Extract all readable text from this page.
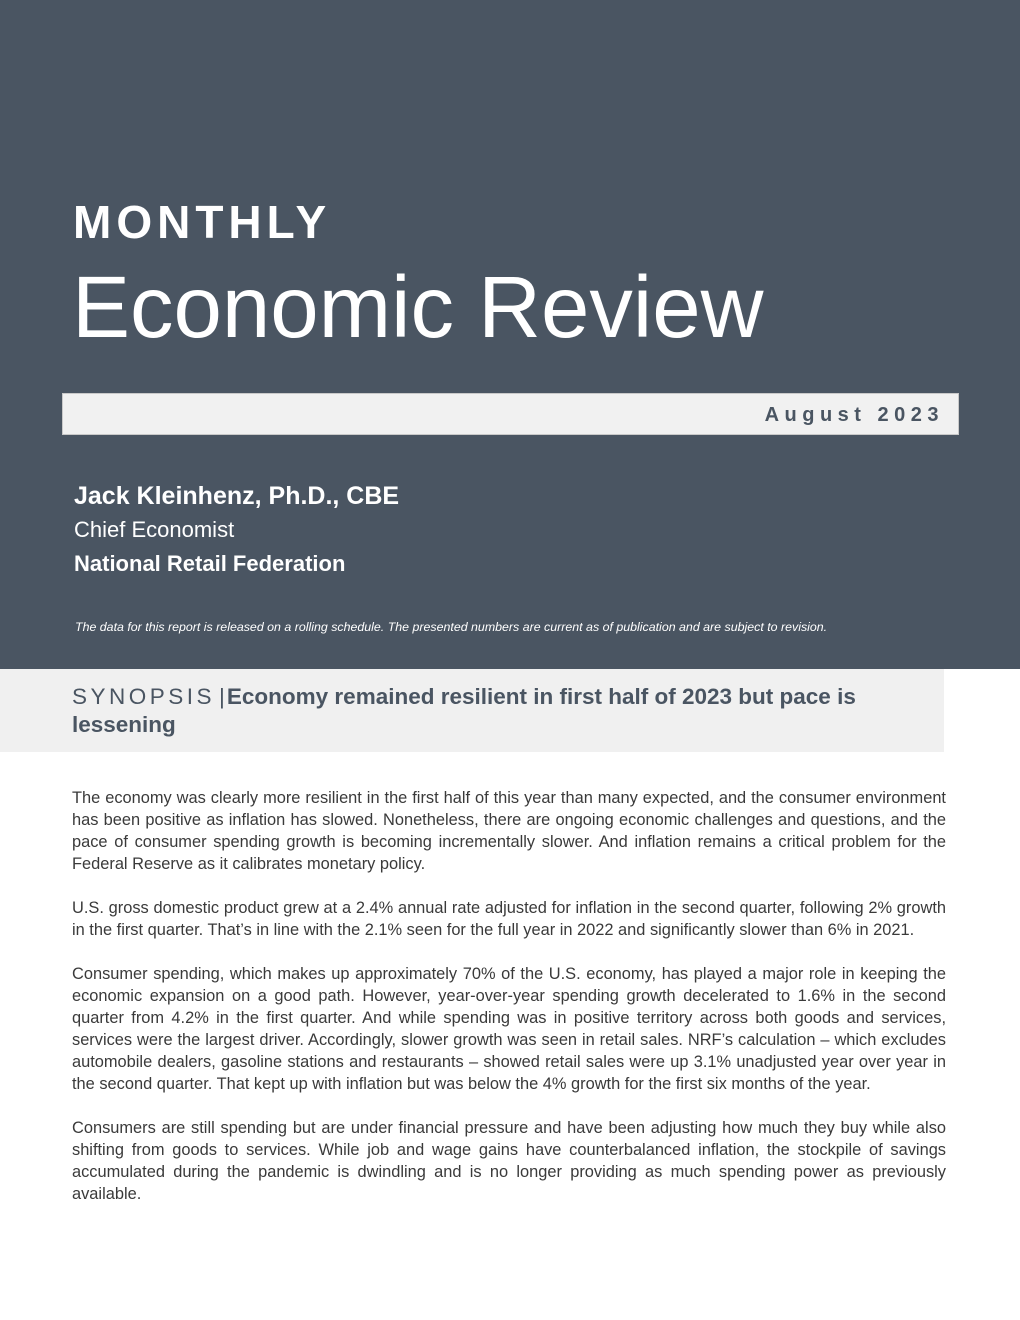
MONTHLY
Economic Review
August 2023
Jack Kleinhenz, Ph.D., CBE
Chief Economist
National Retail Federation
The data for this report is released on a rolling schedule. The presented numbers are current as of publication and are subject to revision.
SYNOPSIS |Economy remained resilient in first half of 2023 but pace is lessening

The economy was clearly more resilient in the first half of this year than many expected, and the consumer environment has been positive as inflation has slowed. Nonetheless, there are ongoing economic challenges and questions, and the pace of consumer spending growth is becoming incrementally slower. And inflation remains a critical problem for the Federal Reserve as it calibrates monetary policy.

U.S. gross domestic product grew at a 2.4% annual rate adjusted for inflation in the second quarter, following 2% growth in the first quarter. That’s in line with the 2.1% seen for the full year in 2022 and significantly slower than 6% in 2021.

Consumer spending, which makes up approximately 70% of the U.S. economy, has played a major role in keeping the economic expansion on a good path. However, year-over-year spending growth decelerated to 1.6% in the second quarter from 4.2% in the first quarter. And while spending was in positive territory across both goods and services, services were the largest driver. Accordingly, slower growth was seen in retail sales. NRF’s calculation – which excludes automobile dealers, gasoline stations and restaurants – showed retail sales were up 3.1% unadjusted year over year in the second quarter. That kept up with inflation but was below the 4% growth for the first six months of the year.

Consumers are still spending but are under financial pressure and have been adjusting how much they buy while also shifting from goods to services. While job and wage gains have counterbalanced inflation, the stockpile of savings accumulated during the pandemic is dwindling and is no longer providing as much spending power as previously available.
